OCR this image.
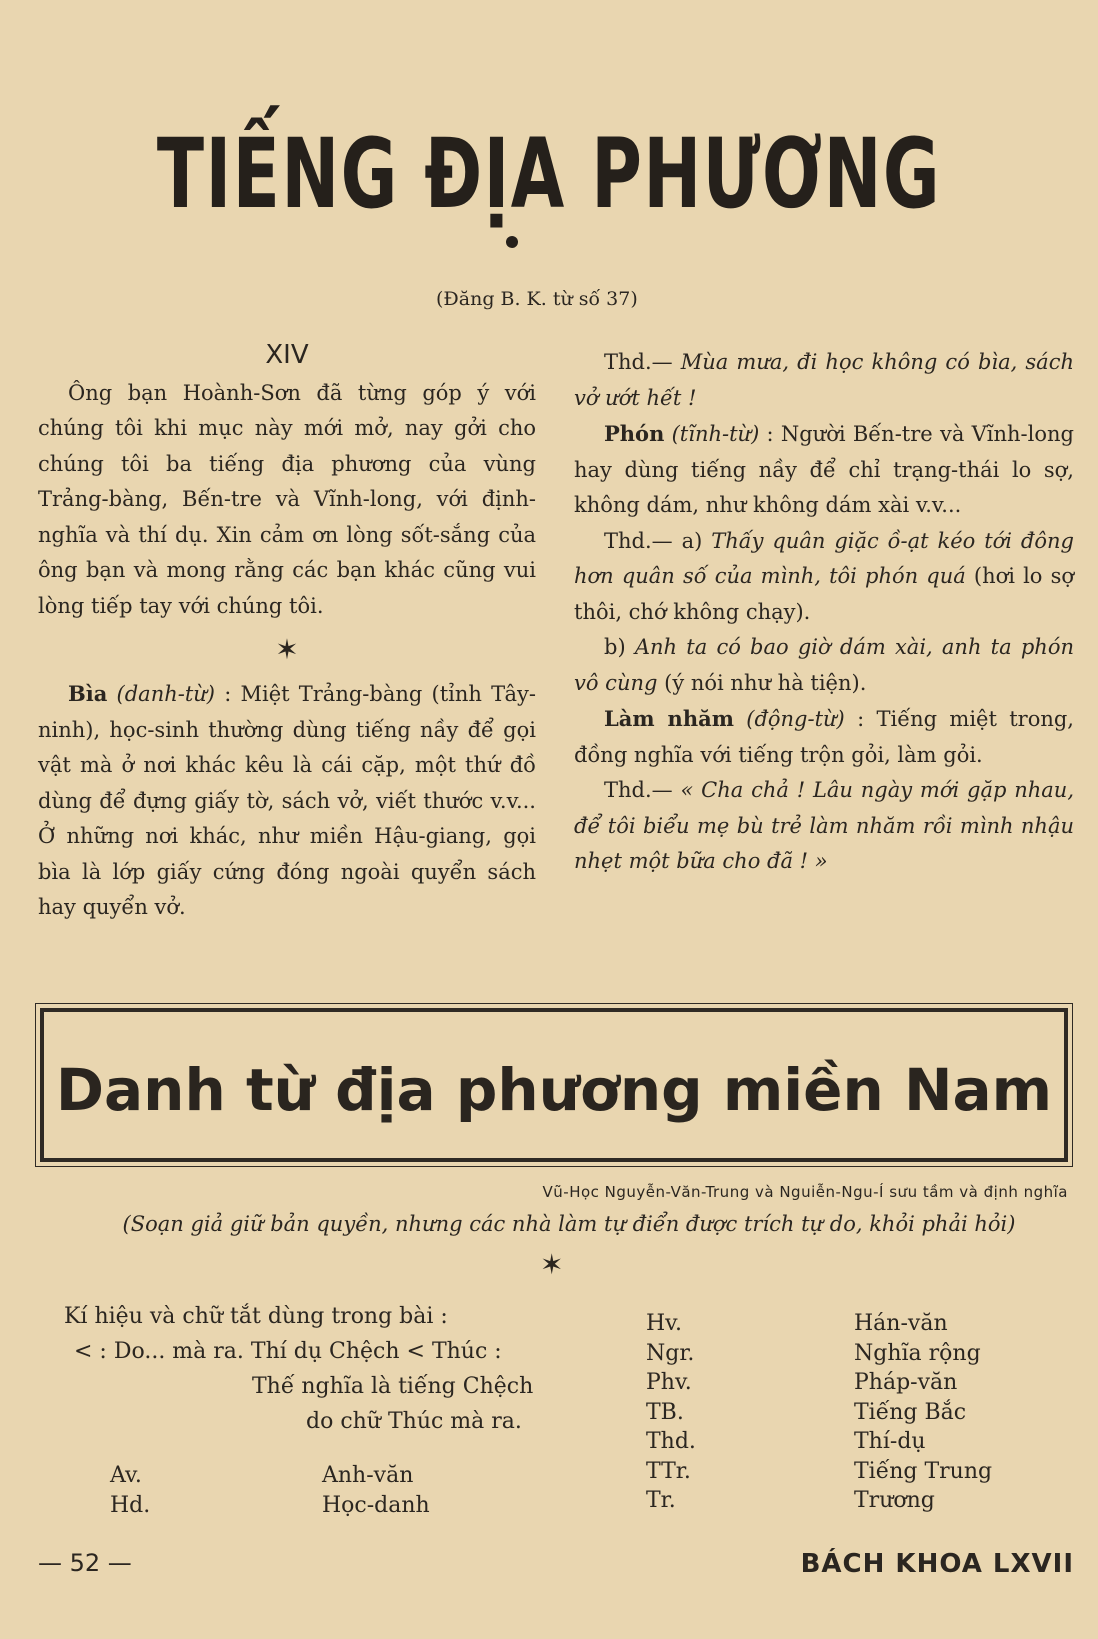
TIẾNG ĐỊA PHƯƠNG
(Đăng B. K. từ số 37)
XIV

Ông bạn Hoành-Sơn đã từng góp ý với chúng tôi khi mục này mới mở, nay gởi cho chúng tôi ba tiếng địa phương của vùng Trảng-bàng, Bến-tre và Vĩnh-long, với định-nghĩa và thí dụ. Xin cảm ơn lòng sốt-sắng của ông bạn và mong rằng các bạn khác cũng vui lòng tiếp tay với chúng tôi.

✶

Bìa (danh-từ) : Miệt Trảng-bàng (tỉnh Tây-ninh), học-sinh thường dùng tiếng nầy để gọi vật mà ở nơi khác kêu là cái cặp, một thứ đồ dùng để đựng giấy tờ, sách vở, viết thước v.v... Ở những nơi khác, như miền Hậu-giang, gọi bìa là lớp giấy cứng đóng ngoài quyển sách hay quyển vở.

Thd.— Mùa mưa, đi học không có bìa, sách vở ướt hết !

Phón (tĩnh-từ) : Người Bến-tre và Vĩnh-long hay dùng tiếng nầy để chỉ trạng-thái lo sợ, không dám, như không dám xài v.v...

Thd.— a) Thấy quân giặc ồ-ạt kéo tới đông hơn quân số của mình, tôi phón quá (hơi lo sợ thôi, chớ không chạy).

b) Anh ta có bao giờ dám xài, anh ta phón vô cùng (ý nói như hà tiện).

Làm nhăm (động-từ) : Tiếng miệt trong, đồng nghĩa với tiếng trộn gỏi, làm gỏi.

Thd.— « Cha chả ! Lâu ngày mới gặp nhau, để tôi biểu mẹ bù trẻ làm nhăm rồi mình nhậu nhẹt một bữa cho đã ! »

Danh từ địa phương miền Nam
Vũ-Học Nguyễn-Văn-Trung và Nguiễn-Ngu-Í sưu tầm và định nghĩa
(Soạn giả giữ bản quyền, nhưng các nhà làm tự điển được trích tự do, khỏi phải hỏi)
✶
Kí hiệu và chữ tắt dùng trong bài :
< : Do... mà ra. Thí dụ Chệch < Thúc :
Thế nghĩa là tiếng Chệch
do chữ Thúc mà ra.
Av.	Anh-văn
Hd.	Học-danh
Hv.	Hán-văn
Ngr.	Nghĩa rộng
Phv.	Pháp-văn
TB.	Tiếng Bắc
Thd.	Thí-dụ
TTr.	Tiếng Trung
Tr.	Trương
— 52 —	BÁCH KHOA LXVII
